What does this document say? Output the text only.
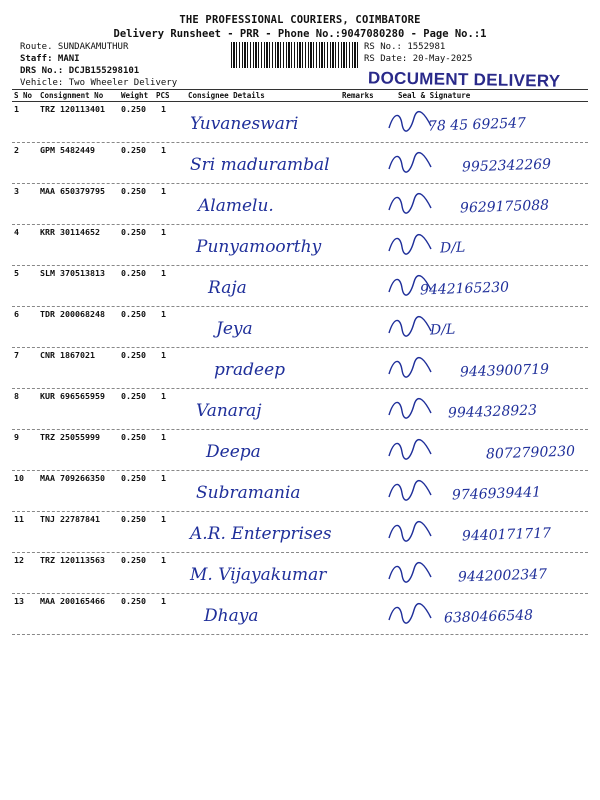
THE PROFESSIONAL COURIERS, COIMBATORE
Delivery Runsheet - PRR - Phone No.:9047080280 - Page No.:1
Route. SUNDAKAMUTHUR
Staff: MANI
DRS No.: DCJB155298101
Vehicle: Two Wheeler Delivery
RS No.: 1552981
RS Date: 20-May-2025
DOCUMENT DELIVERY
S No Consignment No Weight PCS Consignee Details	Remarks	Seal & Signature
1	TRZ 120113401 0.250 1
Yuvaneswari	78 45 692547
2	GPM 5482449	0.250 1
Sri madurambal	9952342269
3	MAA 650379795 0.250 1
Alamelu.	9629175088
4	KRR 30114652	0.250 1
Punyamoorthy	D/L
5	SLM 370513813 0.250 1
Raja	9442165230
6	TDR 200068248 0.250 1
Jeya	D/L
7	CNR 1867021	0.250 1
pradeep	9443900719
8	KUR 696565959 0.250 1
Vanaraj	9944328923
9	TRZ 25055999	0.250 1
Deepa	8072790230
10 MAA 709266350 0.250 1
Subramania	9746939441
11 TNJ 22787841	0.250 1
A.R. Enterprises	9440171717
12 TRZ 120113563 0.250 1
M. Vijayakumar	9442002347
13 MAA 200165466 0.250 1
Dhaya	6380466548
